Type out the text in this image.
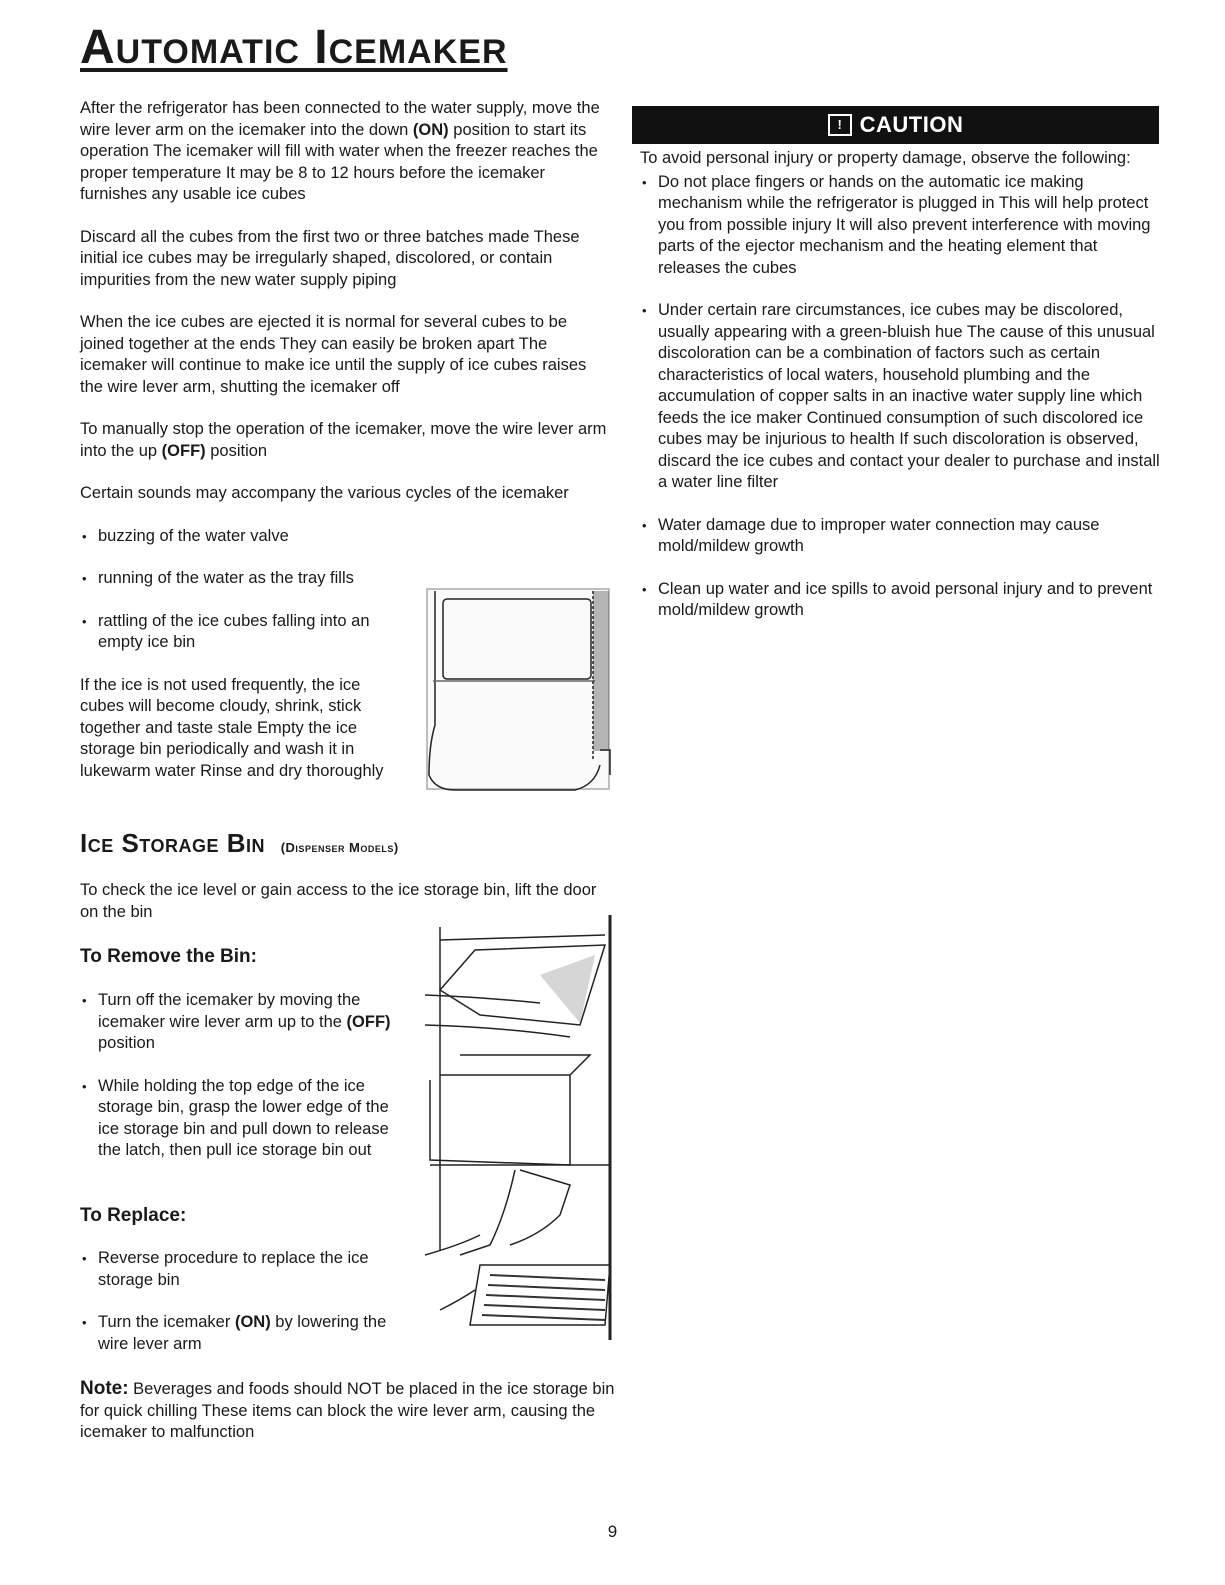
Automatic Icemaker

After the refrigerator has been connected to the water supply, move the wire lever arm on the icemaker into the down (ON) position to start its operation The icemaker will fill with water when the freezer reaches the proper temperature It may be 8 to 12 hours before the icemaker furnishes any usable ice cubes

Discard all the cubes from the first two or three batches made These initial ice cubes may be irregularly shaped, discolored, or contain impurities from the new water supply piping

When the ice cubes are ejected it is normal for several cubes to be joined together at the ends They can easily be broken apart The icemaker will continue to make ice until the supply of ice cubes raises the wire lever arm, shutting the icemaker off

To manually stop the operation of the icemaker, move the wire lever arm into the up (OFF) position

Certain sounds may accompany the various cycles of the icemaker

• buzzing of the water valve
• running of the water as the tray fills
• rattling of the ice cubes falling into an empty ice bin

If the ice is not used frequently, the ice cubes will become cloudy, shrink, stick together and taste stale Empty the ice storage bin periodically and wash it in lukewarm water Rinse and dry thoroughly

Ice Storage Bin (Dispenser Models)

To check the ice level or gain access to the ice storage bin, lift the door on the bin

To Remove the Bin:
• Turn off the icemaker by moving the icemaker wire lever arm up to the (OFF) position
• While holding the top edge of the ice storage bin, grasp the lower edge of the ice storage bin and pull down to release the latch, then pull ice storage bin out
To Replace:
• Reverse procedure to replace the ice storage bin
• Turn the icemaker (ON) by lowering the wire lever arm

Note: Beverages and foods should NOT be placed in the ice storage bin for quick chilling These items can block the wire lever arm, causing the icemaker to malfunction

! CAUTION

To avoid personal injury or property damage, observe the following:

• Do not place fingers or hands on the automatic ice making mechanism while the refrigerator is plugged in This will help protect you from possible injury It will also prevent interference with moving parts of the ejector mechanism and the heating element that releases the cubes
• Under certain rare circumstances, ice cubes may be discolored, usually appearing with a green-bluish hue The cause of this unusual discoloration can be a combination of factors such as certain characteristics of local waters, household plumbing and the accumulation of copper salts in an inactive water supply line which feeds the ice maker Continued consumption of such discolored ice cubes may be injurious to health If such discoloration is observed, discard the ice cubes and contact your dealer to purchase and install a water line filter
• Water damage due to improper water connection may cause mold/mildew growth
• Clean up water and ice spills to avoid personal injury and to prevent mold/mildew growth
9
